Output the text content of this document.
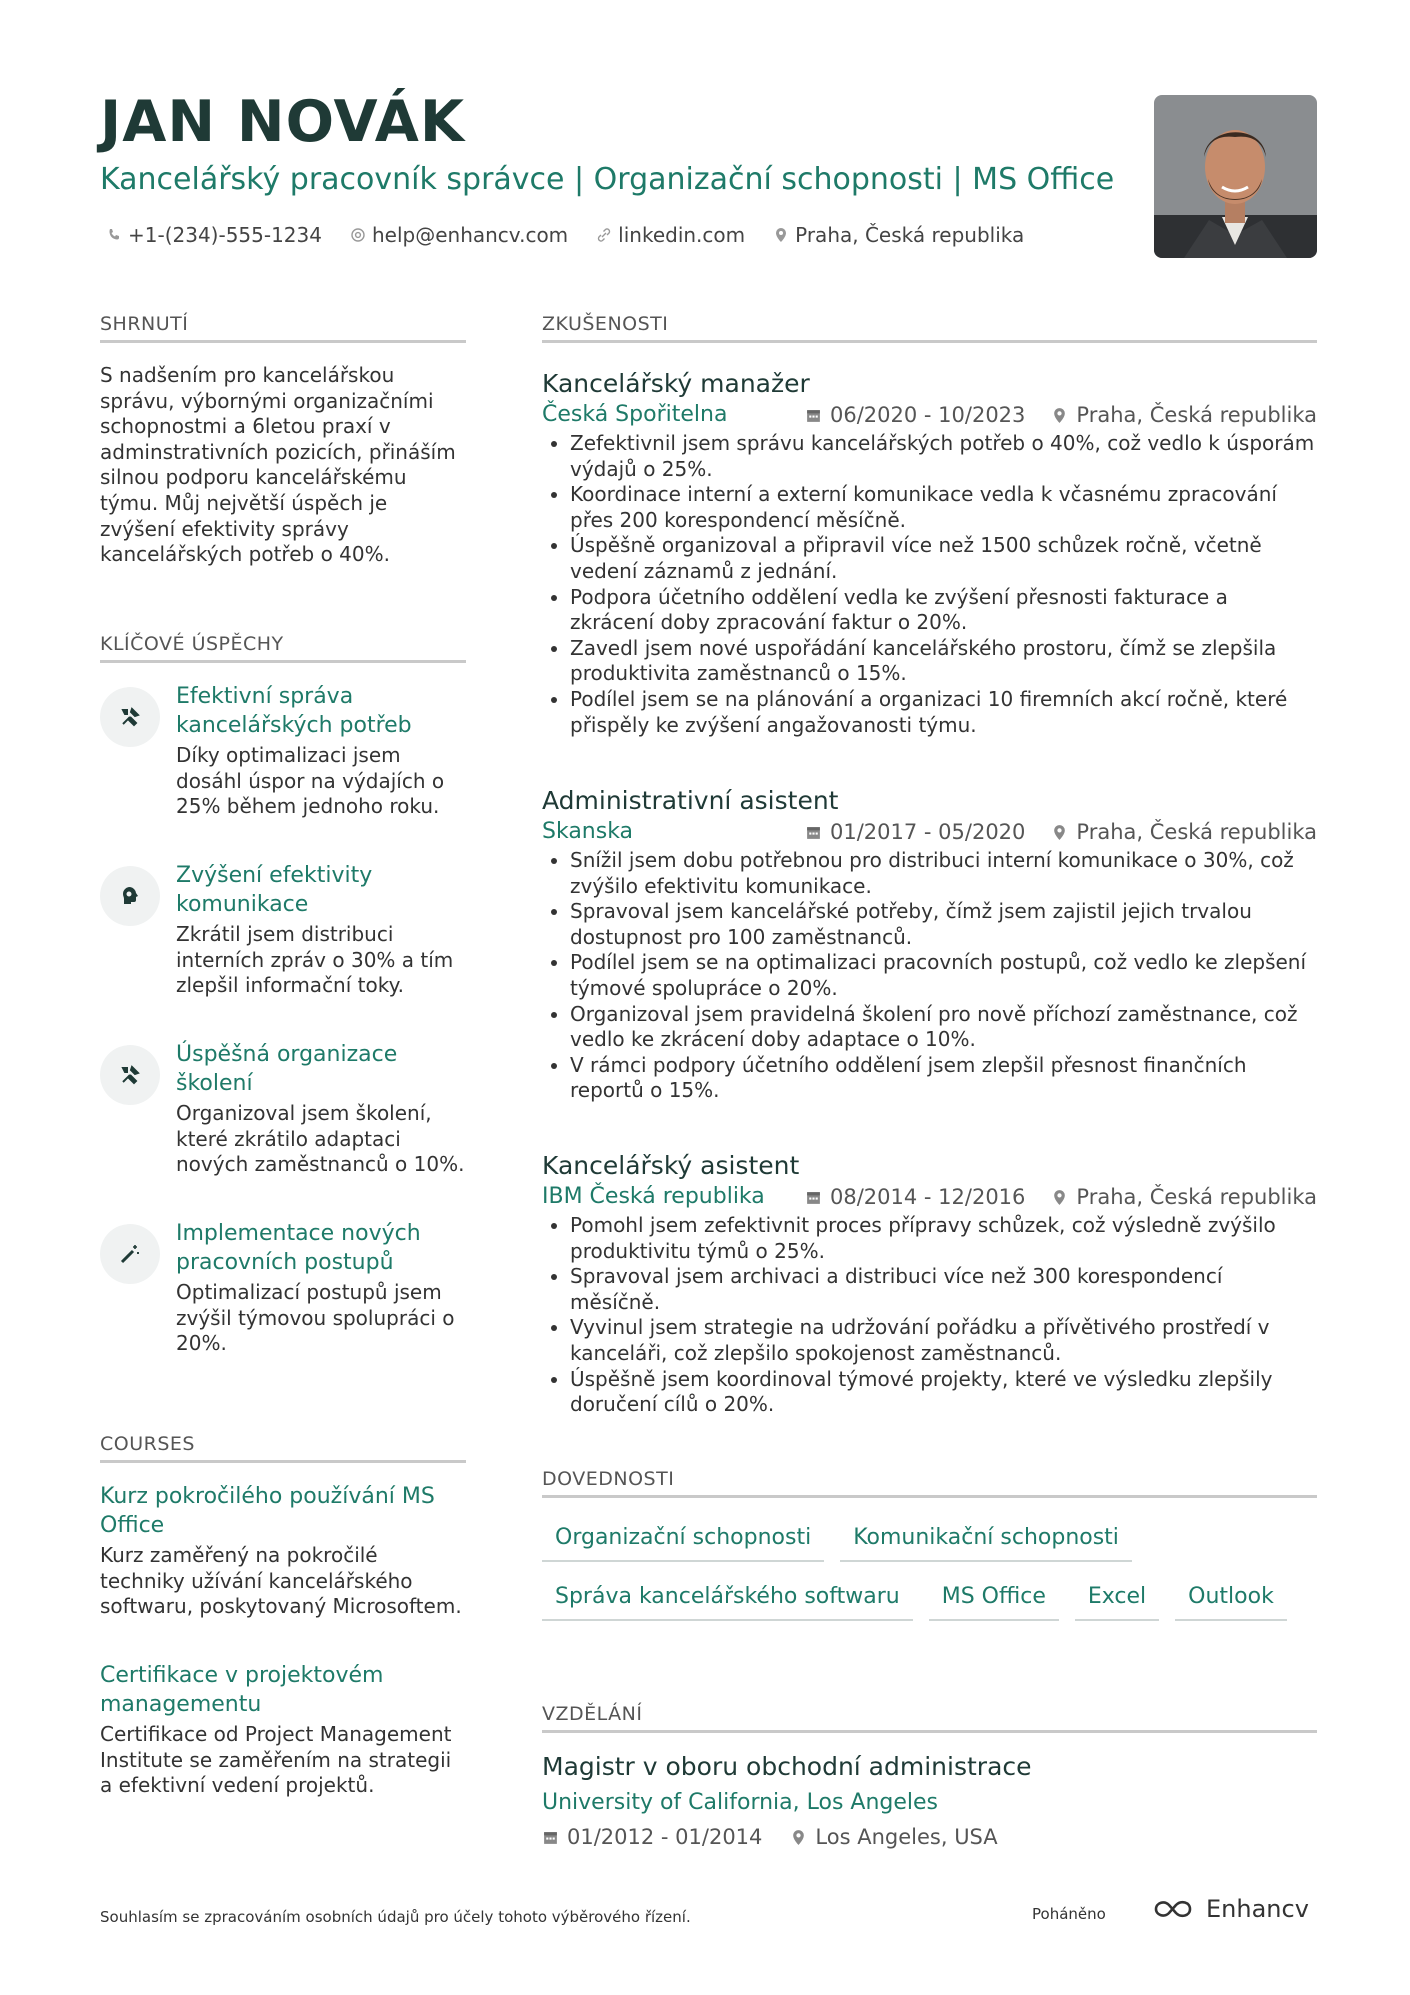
JAN NOVÁK
Kancelářský pracovník správce | Organizační schopnosti | MS Office
+1-(234)-555-1234	help@enhancv.com	linkedin.com	Praha, Česká republika
SHRNUTÍ
S nadšením pro kancelářskou správu, výbornými organizačními schopnostmi a 6letou praxí v adminstrativních pozicích, přináším silnou podporu kancelářskému týmu. Můj největší úspěch je zvýšení efektivity správy kancelářských potřeb o 40%.
KLÍČOVÉ ÚSPĚCHY
Efektivní správa kancelářských potřeb
Díky optimalizaci jsem dosáhl úspor na výdajích o 25% během jednoho roku.
Zvýšení efektivity komunikace
Zkrátil jsem distribuci interních zpráv o 30% a tím zlepšil informační toky.
Úspěšná organizace školení
Organizoval jsem školení, které zkrátilo adaptaci nových zaměstnanců o 10%.
Implementace nových pracovních postupů
Optimalizací postupů jsem zvýšil týmovou spolupráci o 20%.
COURSES
Kurz pokročilého používání MS Office
Kurz zaměřený na pokročilé techniky užívání kancelářského softwaru, poskytovaný Microsoftem.
Certifikace v projektovém managementu
Certifikace od Project Management Institute se zaměřením na strategii a efektivní vedení projektů.
ZKUŠENOSTI
Kancelářský manažer
Česká Spořitelna	06/2020 - 10/2023 Praha, Česká republika
• Zefektivnil jsem správu kancelářských potřeb o 40%, což vedlo k úsporám výdajů o 25%.
• Koordinace interní a externí komunikace vedla k včasnému zpracování přes 200 korespondencí měsíčně.
• Úspěšně organizoval a připravil více než 1500 schůzek ročně, včetně vedení záznamů z jednání.
• Podpora účetního oddělení vedla ke zvýšení přesnosti fakturace a zkrácení doby zpracování faktur o 20%.
• Zavedl jsem nové uspořádání kancelářského prostoru, čímž se zlepšila produktivita zaměstnanců o 15%.
• Podílel jsem se na plánování a organizaci 10 firemních akcí ročně, které přispěly ke zvýšení angažovanosti týmu.
Administrativní asistent
Skanska	01/2017 - 05/2020 Praha, Česká republika
• Snížil jsem dobu potřebnou pro distribuci interní komunikace o 30%, což zvýšilo efektivitu komunikace.
• Spravoval jsem kancelářské potřeby, čímž jsem zajistil jejich trvalou dostupnost pro 100 zaměstnanců.
• Podílel jsem se na optimalizaci pracovních postupů, což vedlo ke zlepšení týmové spolupráce o 20%.
• Organizoval jsem pravidelná školení pro nově příchozí zaměstnance, což vedlo ke zkrácení doby adaptace o 10%.
• V rámci podpory účetního oddělení jsem zlepšil přesnost finančních reportů o 15%.
Kancelářský asistent
IBM Česká republika	08/2014 - 12/2016 Praha, Česká republika
• Pomohl jsem zefektivnit proces přípravy schůzek, což výsledně zvýšilo produktivitu týmů o 25%.
• Spravoval jsem archivaci a distribuci více než 300 korespondencí měsíčně.
• Vyvinul jsem strategie na udržování pořádku a přívětivého prostředí v kanceláři, což zlepšilo spokojenost zaměstnanců.
• Úspěšně jsem koordinoval týmové projekty, které ve výsledku zlepšily doručení cílů o 20%.
DOVEDNOSTI
Organizační schopnosti	Komunikační schopnosti
Správa kancelářského softwaru	MS Office	Excel	Outlook
VZDĚLÁNÍ
Magistr v oboru obchodní administrace
University of California, Los Angeles
01/2012 - 01/2014	Los Angeles, USA
Souhlasím se zpracováním osobních údajů pro účely tohoto výběrového řízení.	Poháněno	Enhancv
